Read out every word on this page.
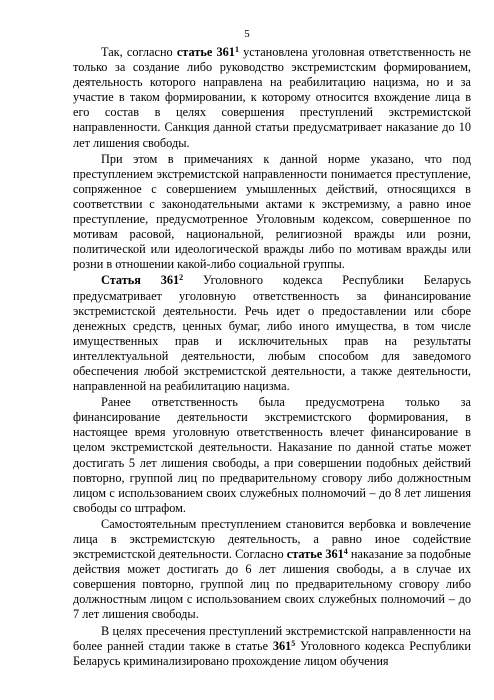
5

Так, согласно статье $361^1$ установлена уголовная ответственность не только за создание либо руководство экстремистским формированием, деятельность которого направлена на реабилитацию нацизма, но и за участие в таком формировании, к которому относится вхождение лица в его состав в целях совершения преступлений экстремистской направленности. Санкция данной статьи предусматривает наказание до 10 лет лишения свободы.

При этом в примечаниях к данной норме указано, что под преступлением экстремистской направленности понимается преступление, сопряженное с совершением умышленных действий, относящихся в соответствии с законодательными актами к экстремизму, а равно иное преступление, предусмотренное Уголовным кодексом, совершенное по мотивам расовой, национальной, религиозной вражды или розни, политической или идеологической вражды либо по мотивам вражды или розни в отношении какой-либо социальной группы.

Статья $361^2$ Уголовного кодекса Республики Беларусь предусматривает уголовную ответственность за финансирование экстремистской деятельности. Речь идет о предоставлении или сборе денежных средств, ценных бумаг, либо иного имущества, в том числе имущественных прав и исключительных прав на результаты интеллектуальной деятельности, любым способом для заведомого обеспечения любой экстремистской деятельности, а также деятельности, направленной на реабилитацию нацизма.

Ранее ответственность была предусмотрена только за финансирование деятельности экстремистского формирования, в настоящее время уголовную ответственность влечет финансирование в целом экстремистской деятельности. Наказание по данной статье может достигать 5 лет лишения свободы, а при совершении подобных действий повторно, группой лиц по предварительному сговору либо должностным лицом с использованием своих служебных полномочий – до 8 лет лишения свободы со штрафом.

Самостоятельным преступлением становится вербовка и вовлечение лица в экстремистскую деятельность, а равно иное содействие экстремистской деятельности. Согласно статье $361^4$ наказание за подобные действия может достигать до 6 лет лишения свободы, а в случае их совершения повторно, группой лиц по предварительному сговору либо должностным лицом с использованием своих служебных полномочий – до 7 лет лишения свободы.

В целях пресечения преступлений экстремистской направленности на более ранней стадии также в статье $361^5$ Уголовного кодекса Республики Беларусь криминализировано прохождение лицом обучения
